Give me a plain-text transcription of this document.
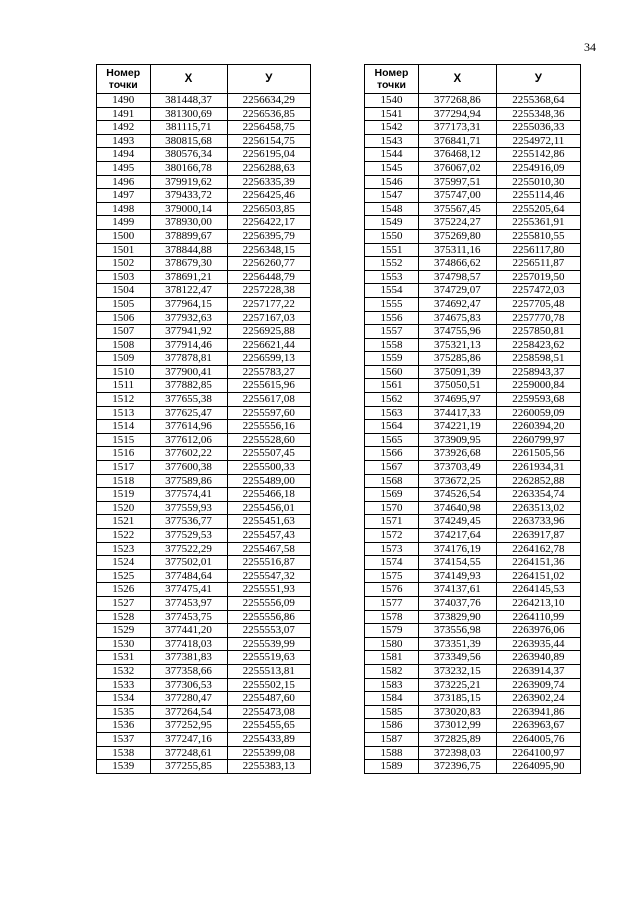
34
Номер
точки	X	У
1490	381448,37	2256634,29
1491	381300,69	2256536,85
1492	381115,71	2256458,75
1493	380815,68	2256154,75
1494	380576,34	2256195,04
1495	380166,78	2256288,63
1496	379919,62	2256335,39
1497	379433,72	2256425,46
1498	379000,14	2256503,85
1499	378930,00	2256422,17
1500	378899,67	2256395,79
1501	378844,88	2256348,15
1502	378679,30	2256260,77
1503	378691,21	2256448,79
1504	378122,47	2257228,38
1505	377964,15	2257177,22
1506	377932,63	2257167,03
1507	377941,92	2256925,88
1508	377914,46	2256621,44
1509	377878,81	2256599,13
1510	377900,41	2255783,27
1511	377882,85	2255615,96
1512	377655,38	2255617,08
1513	377625,47	2255597,60
1514	377614,96	2255556,16
1515	377612,06	2255528,60
1516	377602,22	2255507,45
1517	377600,38	2255500,33
1518	377589,86	2255489,00
1519	377574,41	2255466,18
1520	377559,93	2255456,01
1521	377536,77	2255451,63
1522	377529,53	2255457,43
1523	377522,29	2255467,58
1524	377502,01	2255516,87
1525	377484,64	2255547,32
1526	377475,41	2255551,93
1527	377453,97	2255556,09
1528	377453,75	2255556,86
1529	377441,20	2255553,07
1530	377418,03	2255539,99
1531	377381,83	2255519,63
1532	377358,66	2255513,81
1533	377306,53	2255502,15
1534	377280,47	2255487,60
1535	377264,54	2255473,08
1536	377252,95	2255455,65
1537	377247,16	2255433,89
1538	377248,61	2255399,08
1539	377255,85	2255383,13
Номер
точки	X	У
1540	377268,86	2255368,64
1541	377294,94	2255348,36
1542	377173,31	2255036,33
1543	376841,71	2254972,11
1544	376468,12	2255142,86
1545	376067,02	2254916,09
1546	375997,51	2255010,30
1547	375747,00	2255114,46
1548	375567,45	2255205,64
1549	375224,27	2255361,91
1550	375269,80	2255810,55
1551	375311,16	2256117,80
1552	374866,62	2256511,87
1553	374798,57	2257019,50
1554	374729,07	2257472,03
1555	374692,47	2257705,48
1556	374675,83	2257770,78
1557	374755,96	2257850,81
1558	375321,13	2258423,62
1559	375285,86	2258598,51
1560	375091,39	2258943,37
1561	375050,51	2259000,84
1562	374695,97	2259593,68
1563	374417,33	2260059,09
1564	374221,19	2260394,20
1565	373909,95	2260799,97
1566	373926,68	2261505,56
1567	373703,49	2261934,31
1568	373672,25	2262852,88
1569	374526,54	2263354,74
1570	374640,98	2263513,02
1571	374249,45	2263733,96
1572	374217,64	2263917,87
1573	374176,19	2264162,78
1574	374154,55	2264151,36
1575	374149,93	2264151,02
1576	374137,61	2264145,53
1577	374037,76	2264213,10
1578	373829,90	2264110,99
1579	373556,98	2263976,06
1580	373351,39	2263935,44
1581	373349,56	2263940,89
1582	373232,15	2263914,37
1583	373225,21	2263909,74
1584	373185,15	2263902,24
1585	373020,83	2263941,86
1586	373012,99	2263963,67
1587	372825,89	2264005,76
1588	372398,03	2264100,97
1589	372396,75	2264095,90
